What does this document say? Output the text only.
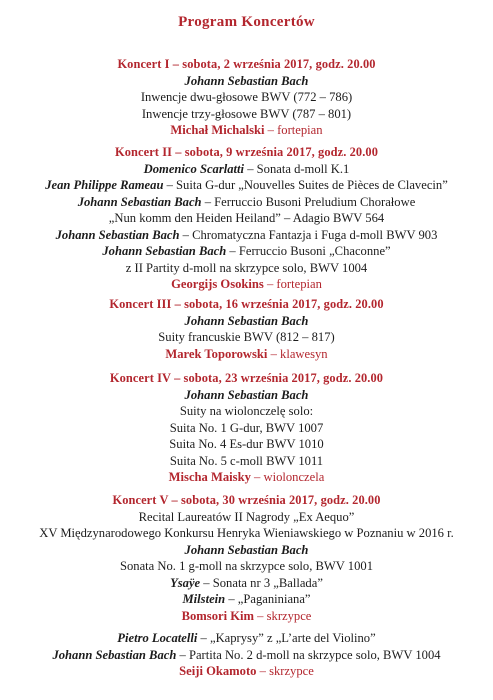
Program Koncertów
Koncert I – sobota, 2 września 2017, godz. 20.00
Johann Sebastian Bach
Inwencje dwu-głosowe BWV (772 – 786)
Inwencje trzy-głosowe BWV (787 – 801)
Michał Michalski – fortepian
Koncert II – sobota, 9 września 2017, godz. 20.00
Domenico Scarlatti – Sonata d-moll K.1
Jean Philippe Rameau – Suita G-dur „Nouvelles Suites de Pièces de Clavecin”
Johann Sebastian Bach – Ferruccio Busoni Preludium Chorałowe
„Nun komm den Heiden Heiland” – Adagio BWV 564
Johann Sebastian Bach – Chromatyczna Fantazja i Fuga d-moll BWV 903
Johann Sebastian Bach – Ferruccio Busoni „Chaconne”
z II Partity d-moll na skrzypce solo, BWV 1004
Georgijs Osokins – fortepian
Koncert III – sobota, 16 września 2017, godz. 20.00
Johann Sebastian Bach
Suity francuskie BWV (812 – 817)
Marek Toporowski – klawesyn
Koncert IV – sobota, 23 września 2017, godz. 20.00
Johann Sebastian Bach
Suity na wiolonczelę solo:
Suita No. 1 G-dur, BWV 1007
Suita No. 4 Es-dur BWV 1010
Suita No. 5 c-moll BWV 1011
Mischa Maisky – wiolonczela
Koncert V – sobota, 30 września 2017, godz. 20.00
Recital Laureatów II Nagrody „Ex Aequo”
XV Międzynarodowego Konkursu Henryka Wieniawskiego w Poznaniu w 2016 r.
Johann Sebastian Bach
Sonata No. 1 g-moll na skrzypce solo, BWV 1001
Ysaÿe – Sonata nr 3 „Ballada”
Milstein – „Paganiniana”
Bomsori Kim – skrzypce
Pietro Locatelli – „Kaprysy” z „L’arte del Violino”
Johann Sebastian Bach – Partita No. 2 d-moll na skrzypce solo, BWV 1004
Seiji Okamoto – skrzypce
